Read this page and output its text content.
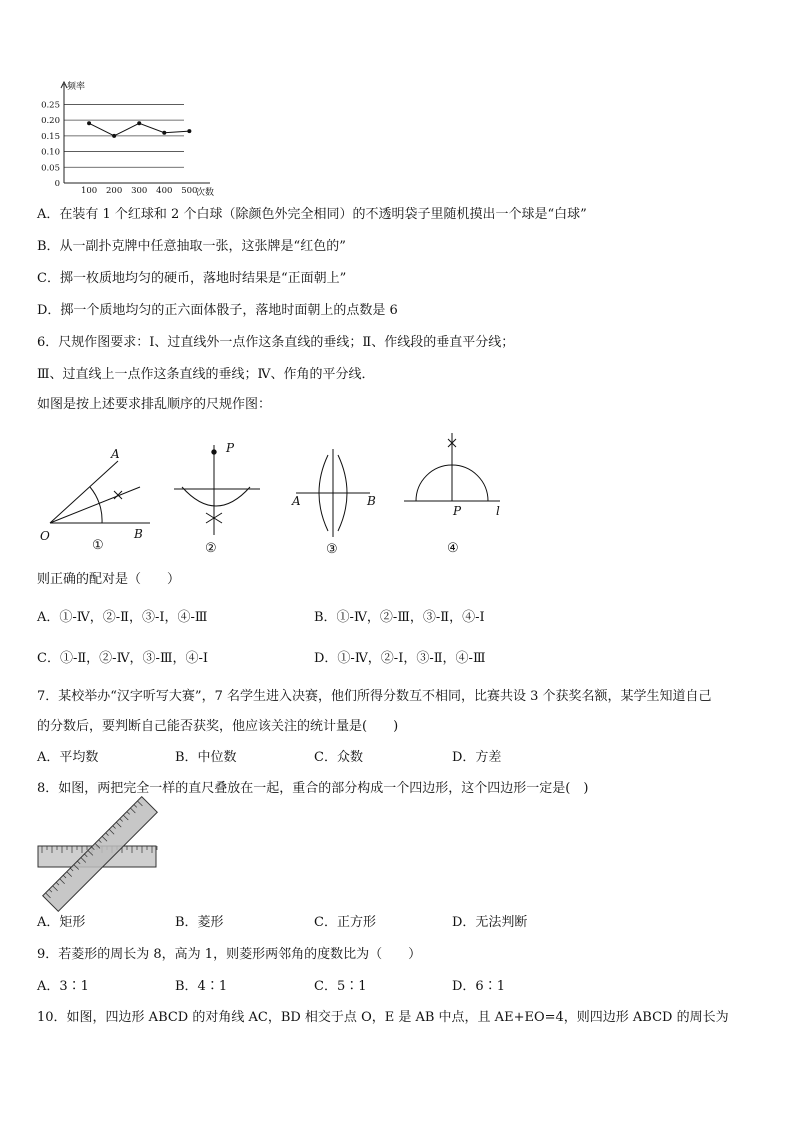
0.25
0.20
0.15
0.10
0.05
0
100 200 300 400 500
频率
次数
A．在装有 1 个红球和 2 个白球（除颜色外完全相同）的不透明袋子里随机摸出一个球是“白球”
B．从一副扑克牌中任意抽取一张，这张牌是“红色的”
C．掷一枚质地均匀的硬币，落地时结果是“正面朝上”
D．掷一个质地均匀的正六面体骰子，落地时面朝上的点数是 6
6．尺规作图要求：Ⅰ、过直线外一点作这条直线的垂线；Ⅱ、作线段的垂直平分线；
Ⅲ、过直线上一点作这条直线的垂线；Ⅳ、作角的平分线．
如图是按上述要求排乱顺序的尺规作图：
A
O	B
①
P
②
A	B
③
P	l
④
则正确的配对是（　　）
A．①-Ⅳ，②-Ⅱ，③-Ⅰ，④-Ⅲ	B．①-Ⅳ，②-Ⅲ，③-Ⅱ，④-Ⅰ
C．①-Ⅱ，②-Ⅳ，③-Ⅲ，④-Ⅰ	D．①-Ⅳ，②-Ⅰ，③-Ⅱ，④-Ⅲ
7．某校举办“汉字听写大赛”，7 名学生进入决赛，他们所得分数互不相同，比赛共设 3 个获奖名额，某学生知道自己
的分数后，要判断自己能否获奖，他应该关注的统计量是(　　)
A．平均数	B．中位数	C．众数	D．方差
8．如图，两把完全一样的直尺叠放在一起，重合的部分构成一个四边形，这个四边形一定是(　)
A．矩形	B．菱形	C．正方形	D．无法判断
9．若菱形的周长为 8，高为 1，则菱形两邻角的度数比为（　　）
A．3∶1	B．4∶1	C．5∶1	D．6∶1
10．如图，四边形 ABCD 的对角线 AC，BD 相交于点 O，E 是 AB 中点，且 AE+EO=4，则四边形 ABCD 的周长为
